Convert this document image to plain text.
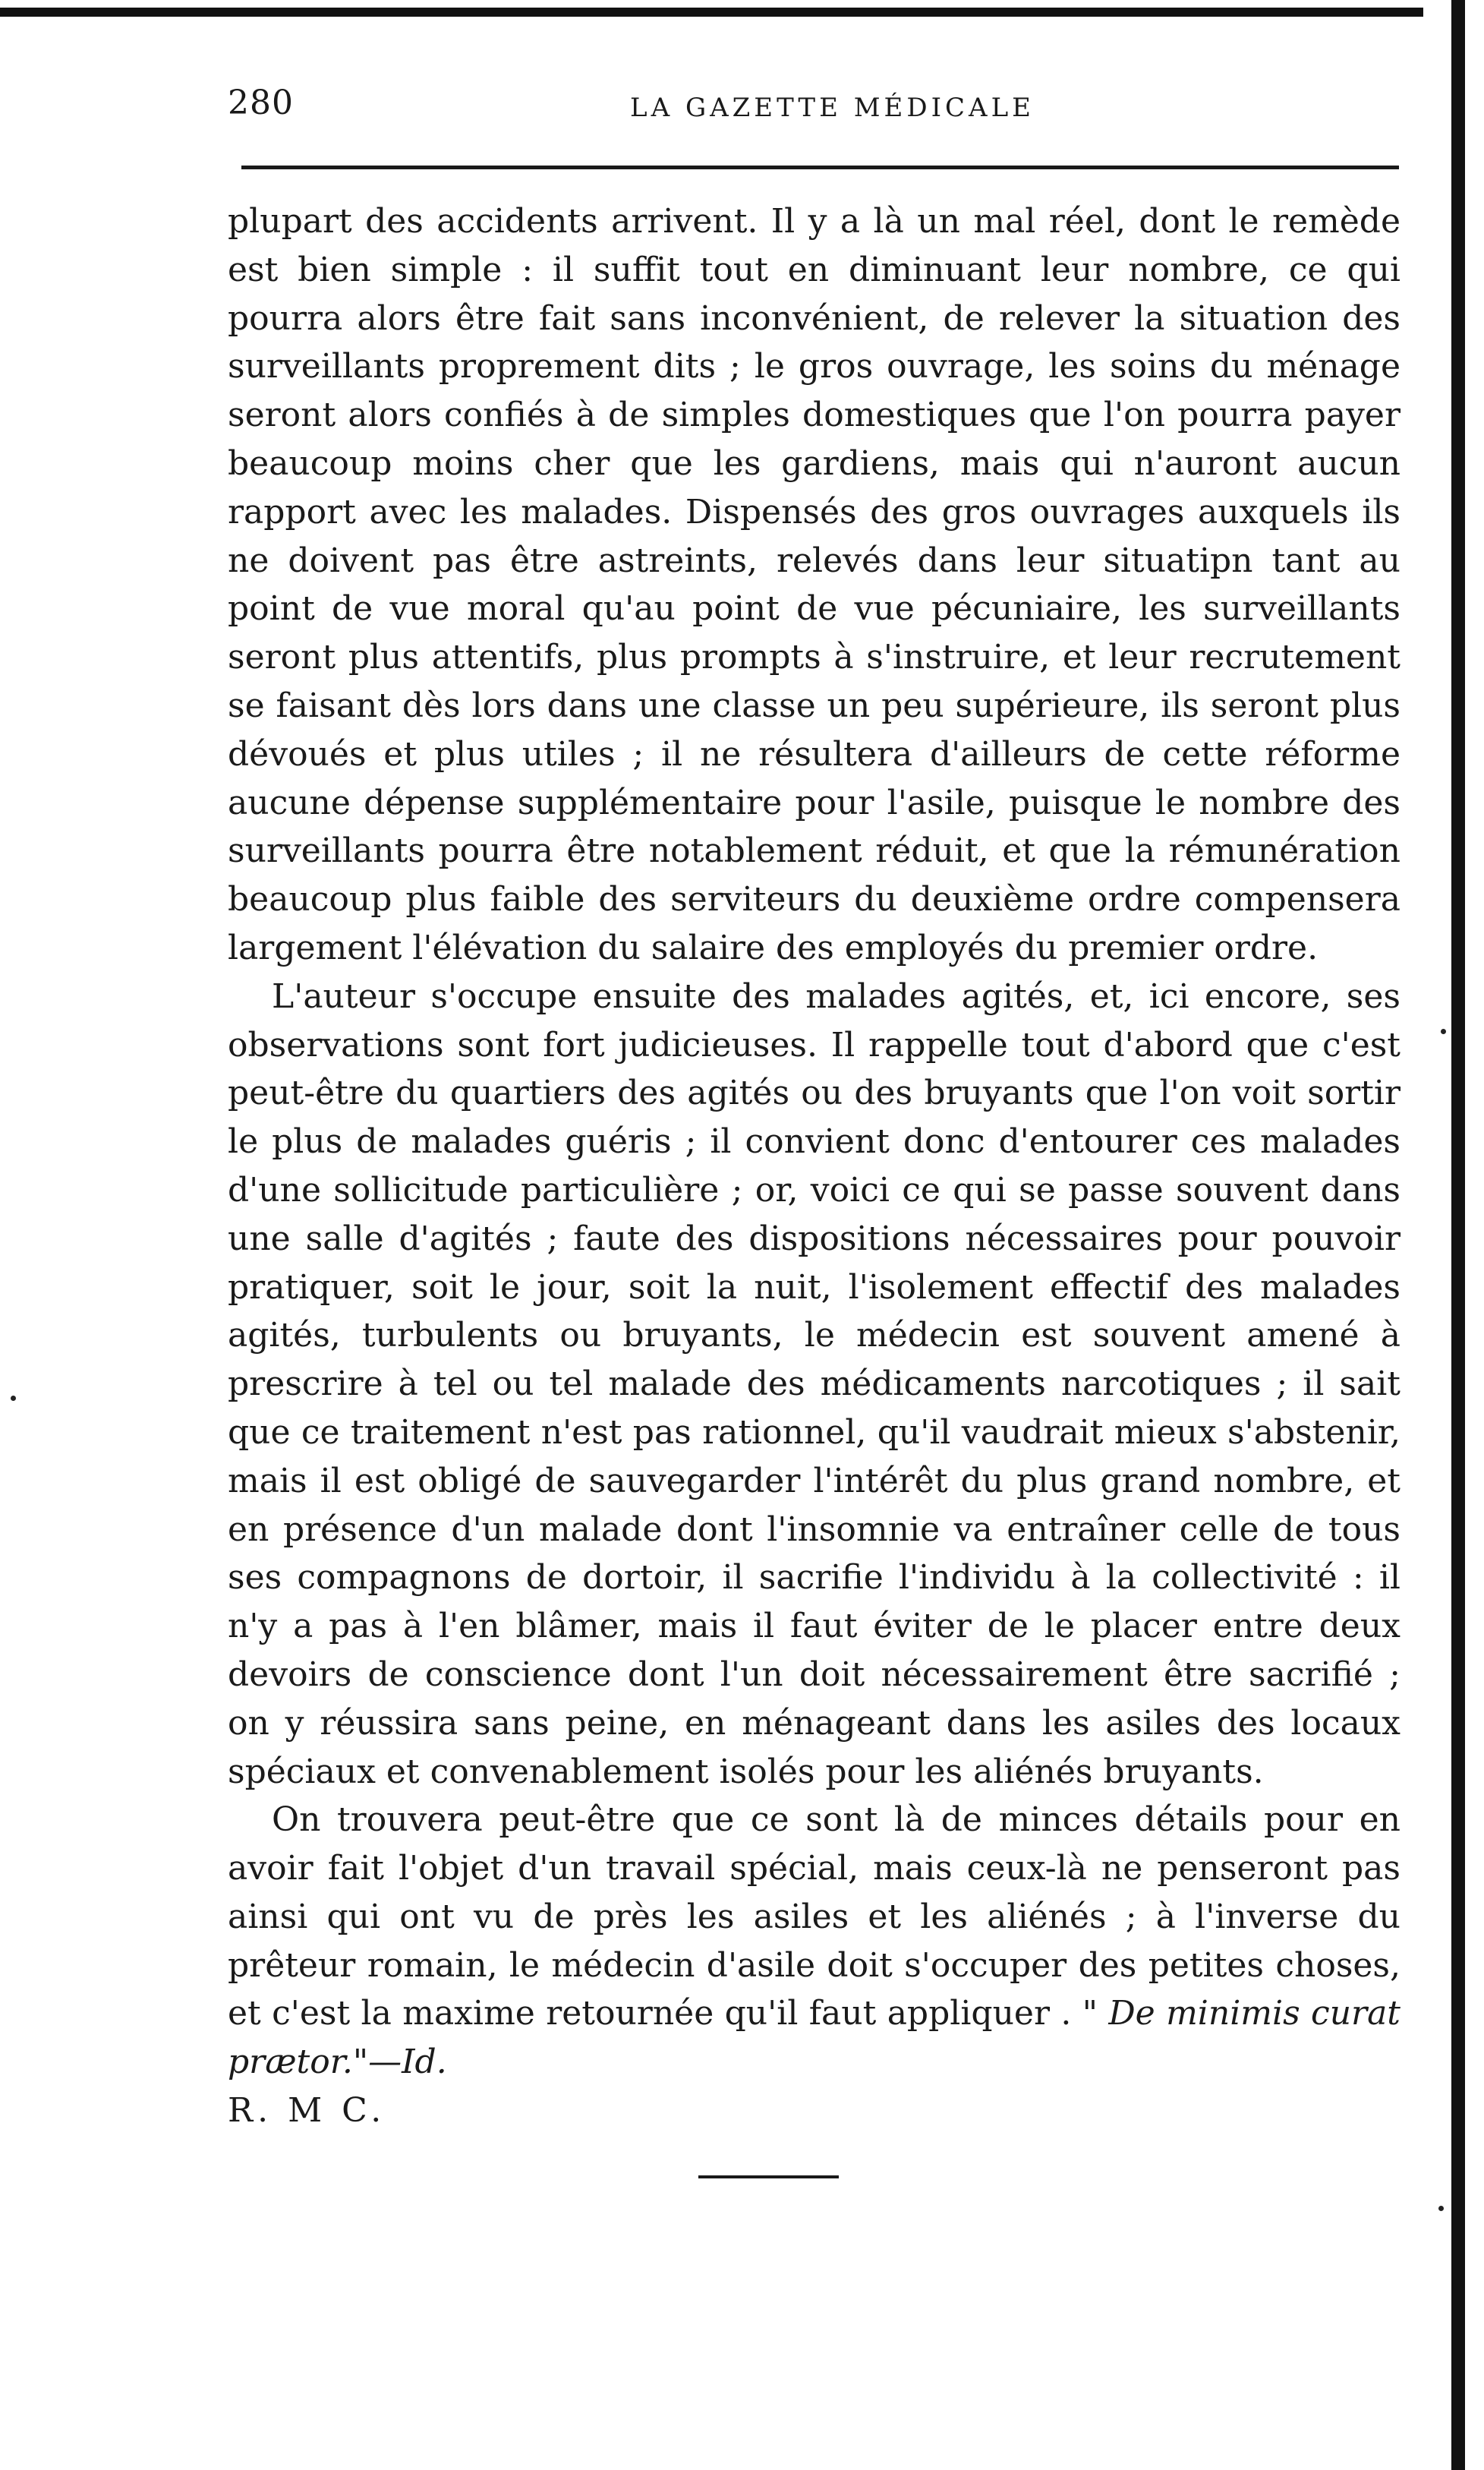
280	LA GAZETTE MÉDICALE

plupart des accidents arrivent. Il y a là un mal réel, dont le remède est bien simple : il suffit tout en diminuant leur nombre, ce qui pourra alors être fait sans inconvénient, de relever la situation des surveillants proprement dits ; le gros ouvrage, les soins du ménage seront alors confiés à de simples domestiques que l'on pourra payer beaucoup moins cher que les gardiens, mais qui n'auront aucun rapport avec les malades. Dispensés des gros ouvrages auxquels ils ne doivent pas être astreints, relevés dans leur situatipn tant au point de vue moral qu'au point de vue pécuniaire, les surveillants seront plus attentifs, plus prompts à s'instruire, et leur recrutement se faisant dès lors dans une classe un peu supérieure, ils seront plus dévoués et plus utiles ; il ne résultera d'ailleurs de cette réforme aucune dépense supplémentaire pour l'asile, puisque le nombre des surveillants pourra être notablement réduit, et que la rémunération beaucoup plus faible des serviteurs du deuxième ordre compensera largement l'élévation du salaire des employés du premier ordre.

L'auteur s'occupe ensuite des malades agités, et, ici encore, ses observations sont fort judicieuses. Il rappelle tout d'abord que c'est peut-être du quartiers des agités ou des bruyants que l'on voit sortir le plus de malades guéris ; il convient donc d'entourer ces malades d'une sollicitude particulière ; or, voici ce qui se passe souvent dans une salle d'agités ; faute des dispositions nécessaires pour pouvoir pratiquer, soit le jour, soit la nuit, l'isolement effectif des malades agités, turbulents ou bruyants, le médecin est souvent amené à prescrire à tel ou tel malade des médicaments narcotiques ; il sait que ce traitement n'est pas rationnel, qu'il vaudrait mieux s'abstenir, mais il est obligé de sauvegarder l'intérêt du plus grand nombre, et en présence d'un malade dont l'insomnie va entraîner celle de tous ses compagnons de dortoir, il sacrifie l'individu à la collectivité : il n'y a pas à l'en blâmer, mais il faut éviter de le placer entre deux devoirs de conscience dont l'un doit nécessairement être sacrifié ; on y réussira sans peine, en ménageant dans les asiles des locaux spéciaux et convenablement isolés pour les aliénés bruyants.

On trouvera peut-être que ce sont là de minces détails pour en avoir fait l'objet d'un travail spécial, mais ceux-là ne penseront pas ainsi qui ont vu de près les asiles et les aliénés ; à l'inverse du prêteur romain, le médecin d'asile doit s'occuper des petites choses, et c'est la maxime retournée qu'il faut appliquer . " De minimis curat prætor."—Id.

R. M C.
